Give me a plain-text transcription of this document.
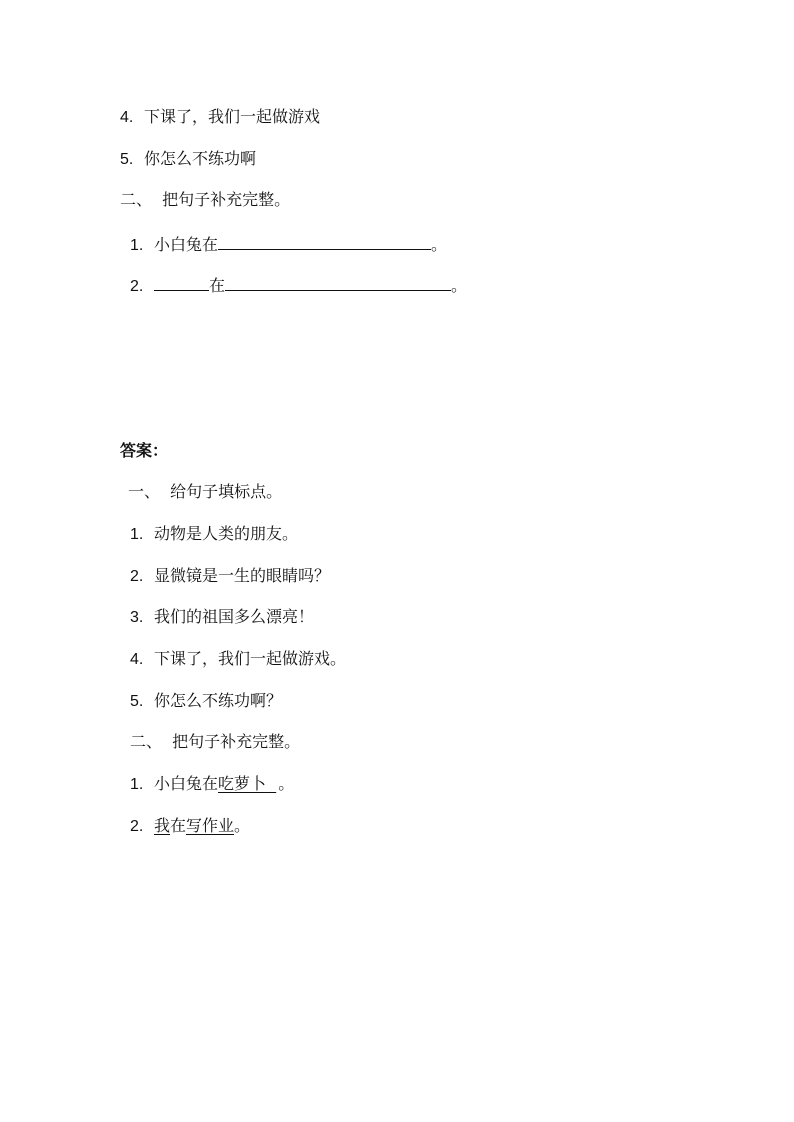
4. 下课了，我们一起做游戏
5. 你怎么不练功啊
二、  把句子补充完整。
1. 小白兔在	。
2.	在	。
答案：
一、  给句子填标点。
1. 动物是人类的朋友。
2. 显微镜是一生的眼睛吗？
3. 我们的祖国多么漂亮！
4. 下课了，我们一起做游戏。
5. 你怎么不练功啊？
二、  把句子补充完整。
1. 小白兔在吃萝卜 。
2. 我在写作业。
